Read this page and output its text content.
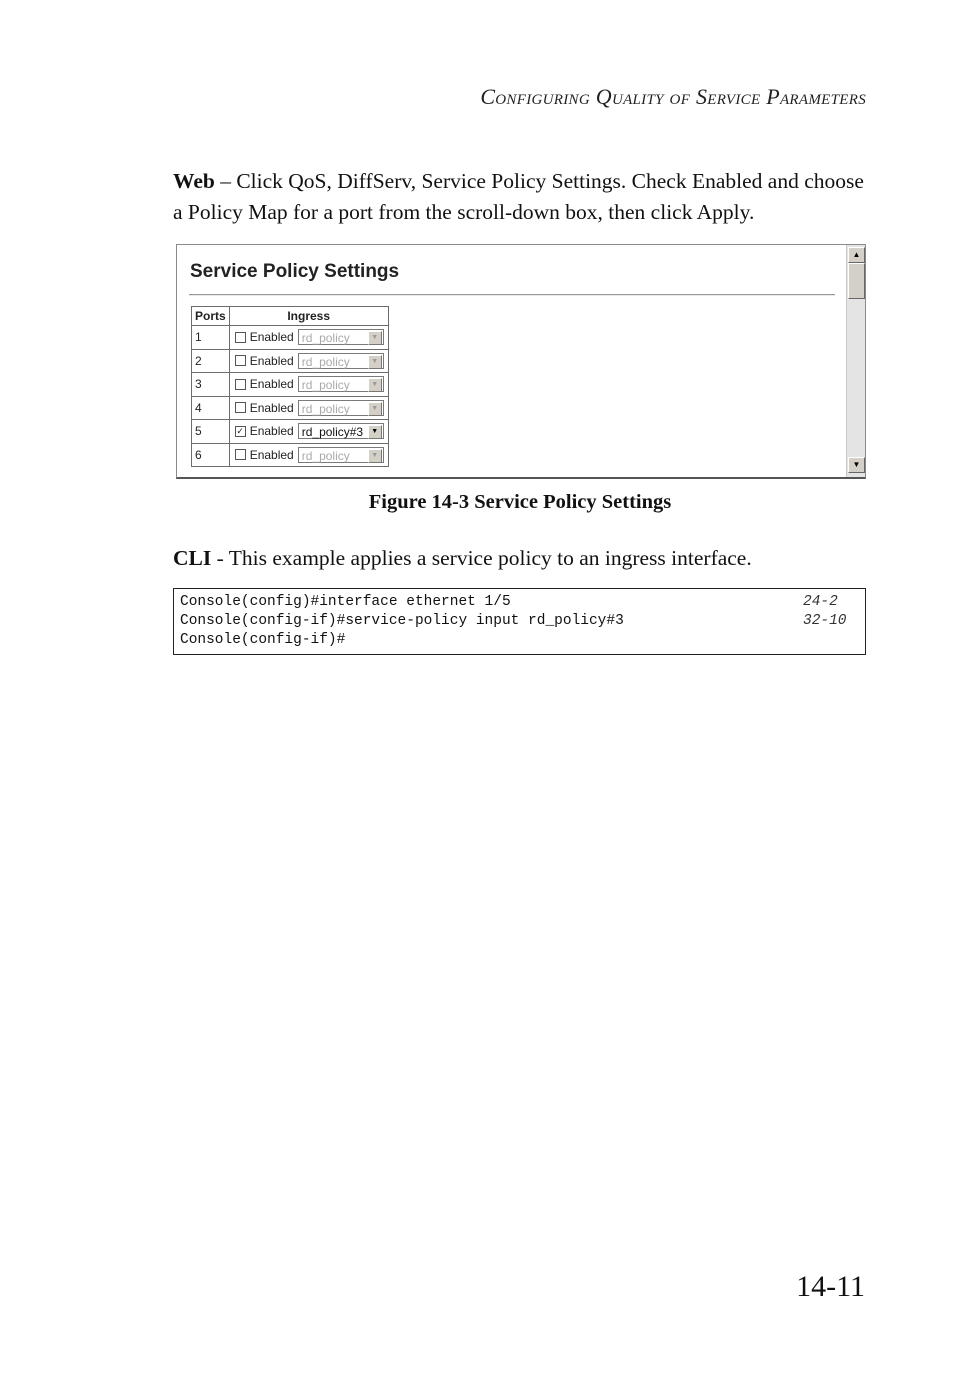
Configuring Quality of Service Parameters
Web – Click QoS, DiffServ, Service Policy Settings. Check Enabled and choose a Policy Map for a port from the scroll-down box, then click Apply.
Service Policy Settings
Ports	Ingress
1	Enabled rd_policy ▼

2	Enabled rd_policy ▼

3	Enabled rd_policy ▼

4	Enabled rd_policy ▼

5	✓ Enabled rd_policy#3 ▼

6	Enabled rd_policy ▼
▲
▼
Figure 14-3 Service Policy Settings
CLI - This example applies a service policy to an ingress interface.
Console(config)#interface ethernet 1/5	24-2
Console(config-if)#service-policy input rd_policy#3	32-10
Console(config-if)#
14-11
